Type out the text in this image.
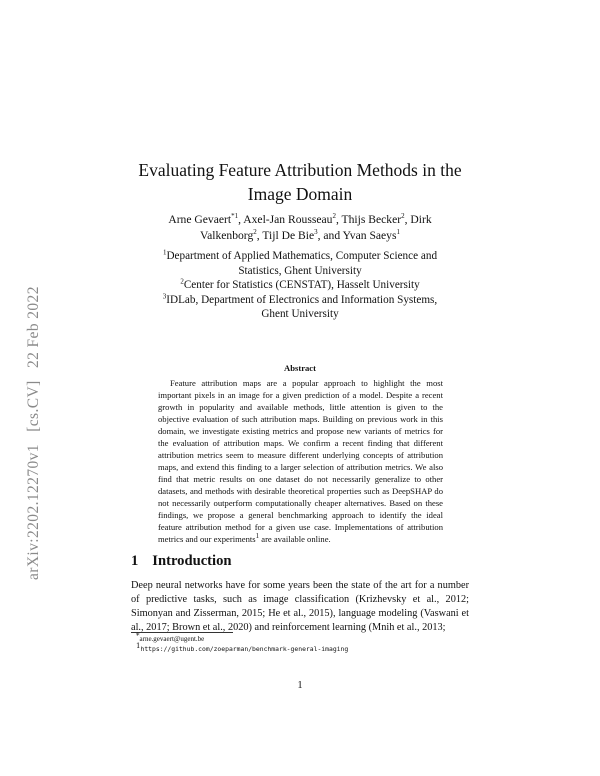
arXiv:2202.12270v1 [cs.CV] 22 Feb 2022
Evaluating Feature Attribution Methods in the
Image Domain
Arne Gevaert$^{*1}$, Axel-Jan Rousseau$^2$, Thijs Becker$^2$, Dirk
Valkenborg$^2$, Tijl De Bie$^3$, and Yvan Saeys$^1$
$^1$Department of Applied Mathematics, Computer Science and
Statistics, Ghent University
$^2$Center for Statistics (CENSTAT), Hasselt University
$^3$IDLab, Department of Electronics and Information Systems,
Ghent University
Abstract
Feature attribution maps are a popular approach to highlight the most important pixels in an image for a given prediction of a model. Despite a recent growth in popularity and available methods, little attention is given to the objective evaluation of such attribution maps. Building on previous work in this domain, we investigate existing metrics and propose new variants of metrics for the evaluation of attribution maps. We confirm a recent finding that different attribution metrics seem to measure different underlying concepts of attribution maps, and extend this finding to a larger selection of attribution metrics. We also find that metric results on one dataset do not necessarily generalize to other datasets, and methods with desirable theoretical properties such as DeepSHAP do not necessarily outperform computationally cheaper alternatives. Based on these findings, we propose a general benchmarking approach to identify the ideal feature attribution method for a given use case. Implementations of attribution metrics and our experiments$^1$ are available online.
1 Introduction
Deep neural networks have for some years been the state of the art for a number of predictive tasks, such as image classification (Krizhevsky et al., 2012; Simonyan and Zisserman, 2015; He et al., 2015), language modeling (Vaswani et al., 2017; Brown et al., 2020) and reinforcement learning (Mnih et al., 2013;
*arne.gevaert@ugent.be
$^1$https://github.com/zoeparman/benchmark-general-imaging
1
